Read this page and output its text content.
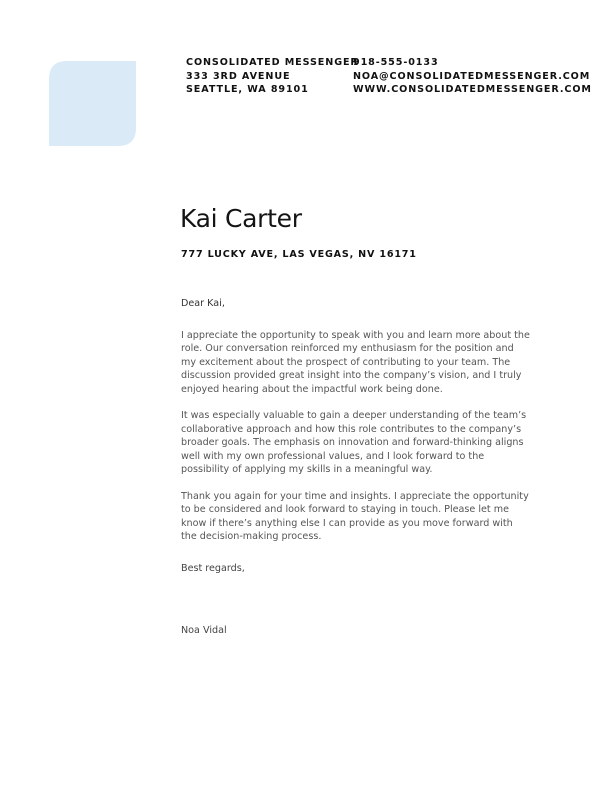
CONSOLIDATED MESSENGER
333 3RD AVENUE
SEATTLE, WA 89101
918-555-0133
NOA@CONSOLIDATEDMESSENGER.COM
WWW.CONSOLIDATEDMESSENGER.COM
Kai Carter
777 LUCKY AVE, LAS VEGAS, NV 16171

Dear Kai,

I appreciate the opportunity to speak with you and learn more about the role. Our conversation reinforced my enthusiasm for the position and my excitement about the prospect of contributing to your team. The discussion provided great insight into the company’s vision, and I truly enjoyed hearing about the impactful work being done.

It was especially valuable to gain a deeper understanding of the team’s collaborative approach and how this role contributes to the company’s broader goals. The emphasis on innovation and forward-thinking aligns well with my own professional values, and I look forward to the possibility of applying my skills in a meaningful way.

Thank you again for your time and insights. I appreciate the opportunity to be considered and look forward to staying in touch. Please let me know if there’s anything else I can provide as you move forward with the decision-making process.

Best regards,

Noa Vidal
